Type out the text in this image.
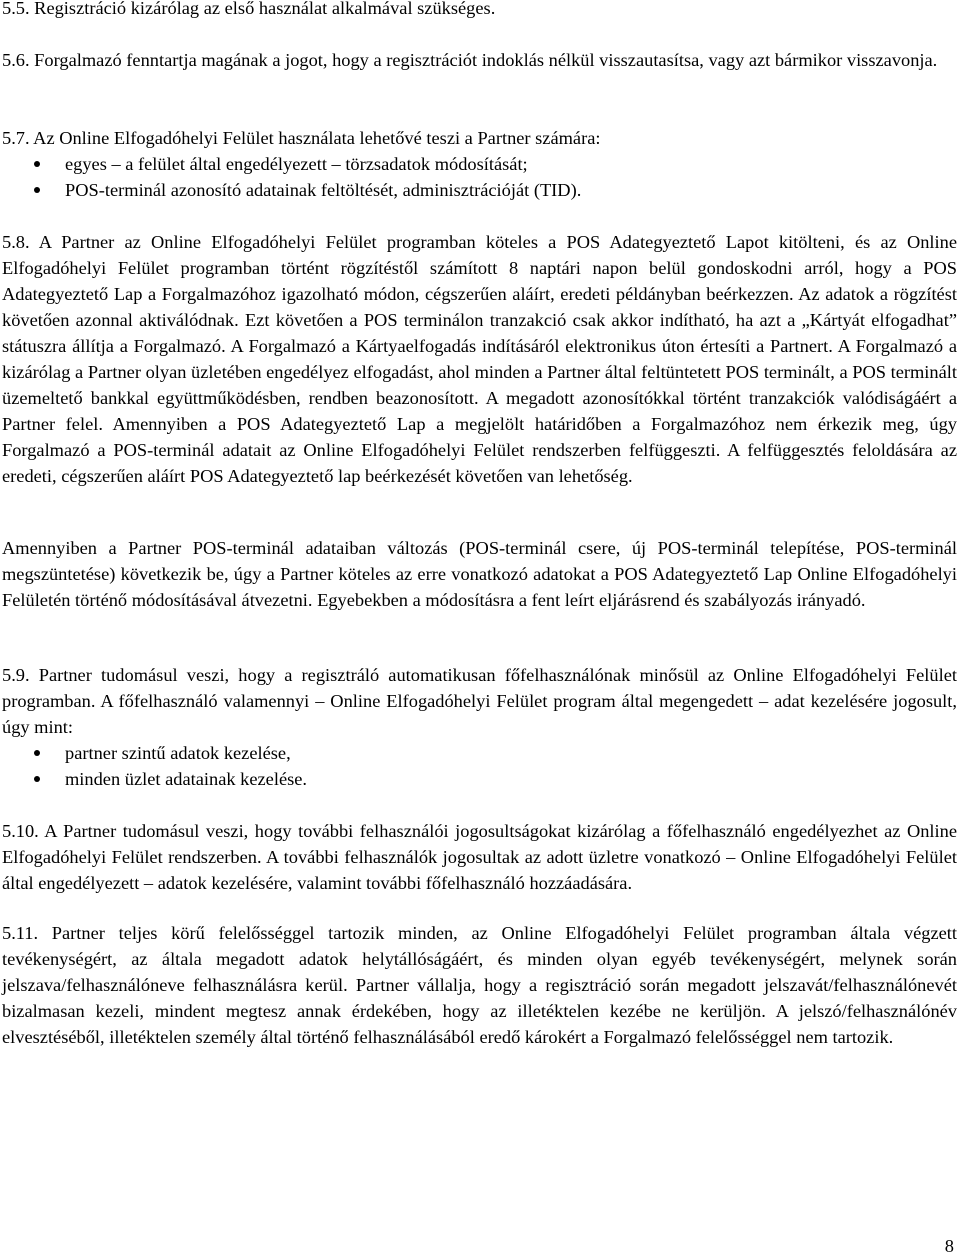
5.5. Regisztráció kizárólag az első használat alkalmával szükséges.

5.6. Forgalmazó fenntartja magának a jogot, hogy a regisztrációt indoklás nélkül visszautasítsa, vagy azt bármikor visszavonja.

5.7. Az Online Elfogadóhelyi Felület használata lehetővé teszi a Partner számára:

egyes – a felület által engedélyezett – törzsadatok módosítását;
POS-terminál azonosító adatainak feltöltését, adminisztrációját (TID).

5.8. A Partner az Online Elfogadóhelyi Felület programban köteles a POS Adategyeztető Lapot kitölteni, és az Online Elfogadóhelyi Felület programban történt rögzítéstől számított 8 naptári napon belül gondoskodni arról, hogy a POS Adategyeztető Lap a Forgalmazóhoz igazolható módon, cégszerűen aláírt, eredeti példányban beérkezzen. Az adatok a rögzítést követően azonnal aktiválódnak. Ezt követően a POS terminálon tranzakció csak akkor indítható, ha azt a „Kártyát elfogadhat” státuszra állítja a Forgalmazó. A Forgalmazó a Kártyaelfogadás indításáról elektronikus úton értesíti a Partnert. A Forgalmazó a kizárólag a Partner olyan üzletében engedélyez elfogadást, ahol minden a Partner által feltüntetett POS terminált, a POS terminált üzemeltető bankkal együttműködésben, rendben beazonosított. A megadott azonosítókkal történt tranzakciók valódiságáért a Partner felel. Amennyiben a POS Adategyeztető Lap a megjelölt határidőben a Forgalmazóhoz nem érkezik meg, úgy Forgalmazó a POS-terminál adatait az Online Elfogadóhelyi Felület rendszerben felfüggeszti. A felfüggesztés feloldására az eredeti, cégszerűen aláírt POS Adategyeztető lap beérkezését követően van lehetőség.

Amennyiben a Partner POS-terminál adataiban változás (POS-terminál csere, új POS-terminál telepítése, POS-terminál megszüntetése) következik be, úgy a Partner köteles az erre vonatkozó adatokat a POS Adategyeztető Lap Online Elfogadóhelyi Felületén történő módosításával átvezetni. Egyebekben a módosításra a fent leírt eljárásrend és szabályozás irányadó.

5.9. Partner tudomásul veszi, hogy a regisztráló automatikusan főfelhasználónak minősül az Online Elfogadóhelyi Felület programban. A főfelhasználó valamennyi – Online Elfogadóhelyi Felület program által megengedett – adat kezelésére jogosult, úgy mint:

partner szintű adatok kezelése,
minden üzlet adatainak kezelése.

5.10. A Partner tudomásul veszi, hogy további felhasználói jogosultságokat kizárólag a főfelhasználó engedélyezhet az Online Elfogadóhelyi Felület rendszerben. A további felhasználók jogosultak az adott üzletre vonatkozó – Online Elfogadóhelyi Felület által engedélyezett – adatok kezelésére, valamint további főfelhasználó hozzáadására.

5.11. Partner teljes körű felelősséggel tartozik minden, az Online Elfogadóhelyi Felület programban általa végzett tevékenységért, az általa megadott adatok helytállóságáért, és minden olyan egyéb tevékenységért, melynek során jelszava/felhasználóneve felhasználásra kerül. Partner vállalja, hogy a regisztráció során megadott jelszavát/felhasználónevét bizalmasan kezeli, mindent megtesz annak érdekében, hogy az illetéktelen kezébe ne kerüljön. A jelszó/felhasználónév elvesztéséből, illetéktelen személy által történő felhasználásából eredő károkért a Forgalmazó felelősséggel nem tartozik.

8
